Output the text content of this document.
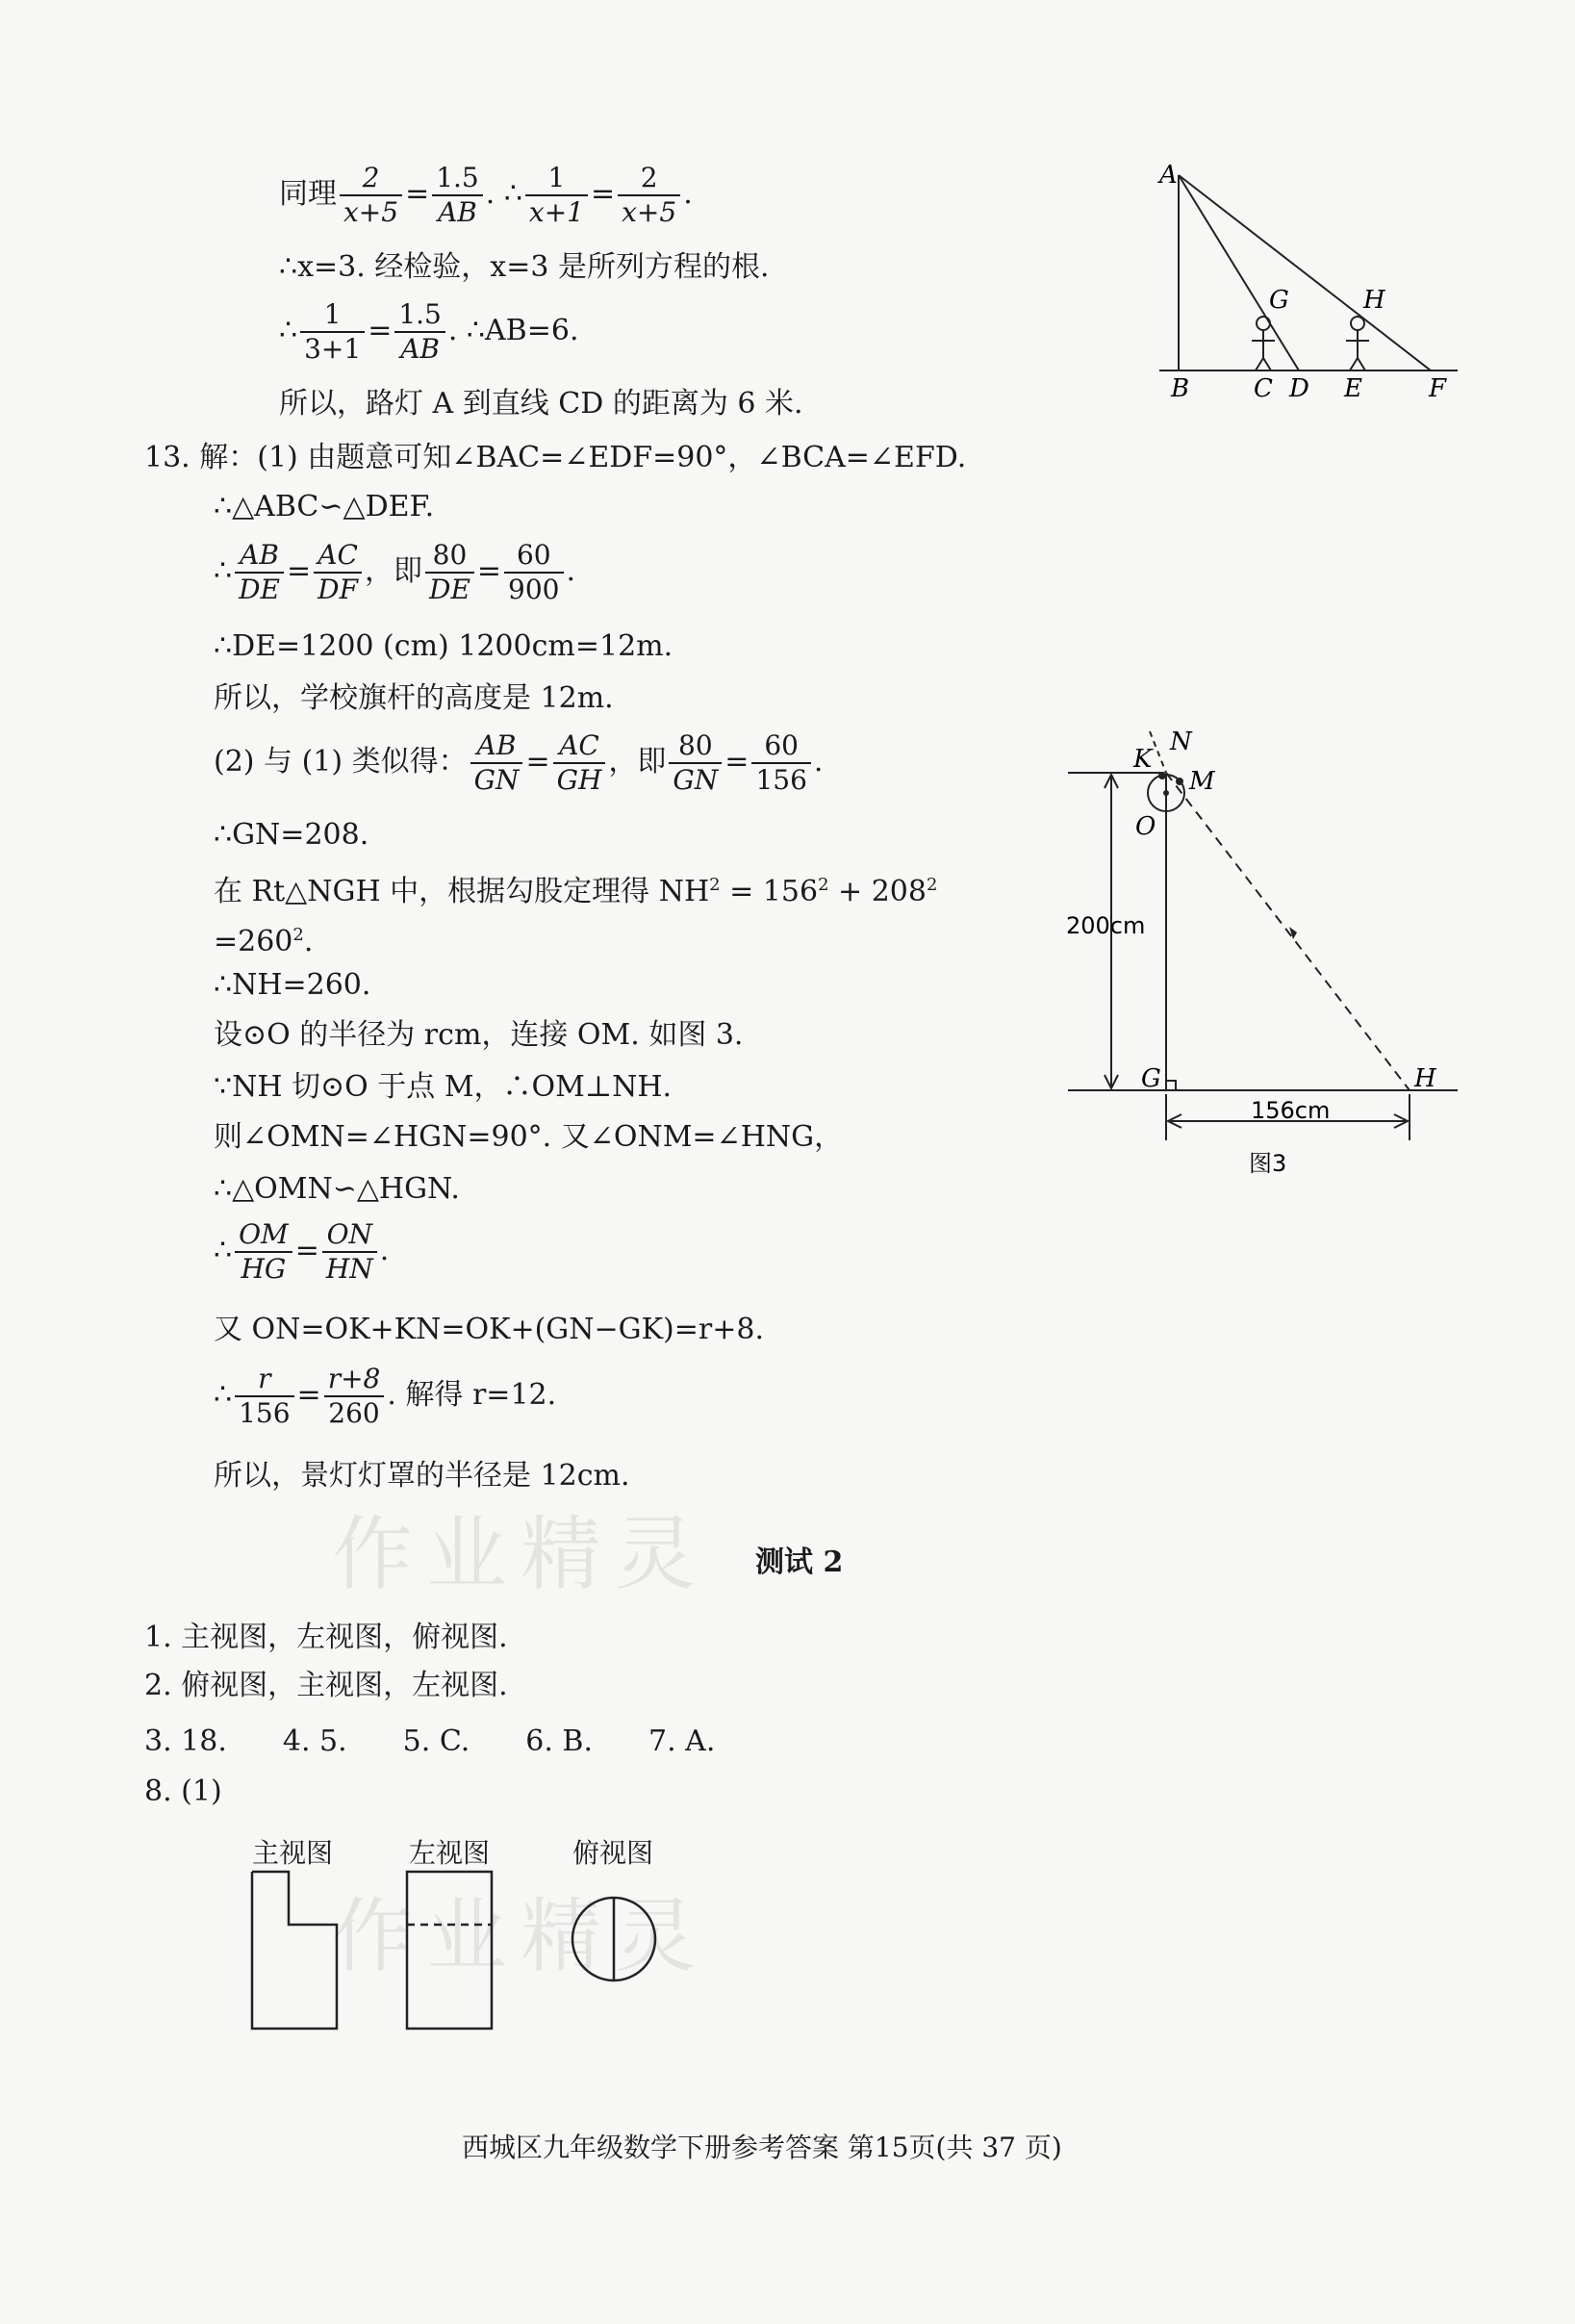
同理 $\frac{2}{x+5} = \frac{1.5}{AB}$ . ∴ $\frac{1}{x+1} = \frac{2}{x+5}$ .
∴x=3. 经检验，x=3 是所列方程的根.
∴ $\frac{1}{3+1} = \frac{1.5}{AB}$ . ∴AB=6.
所以，路灯 A 到直线 CD 的距离为 6 米.
13. 解：(1) 由题意可知∠BAC=∠EDF=90°，∠BCA=∠EFD.
∴△ABC∽△DEF.
∴ $\frac{AB}{DE} = \frac{AC}{DF}$ ，即 $\frac{80}{DE} = \frac{60}{900}$ .
∴DE=1200 (cm) 1200cm=12m.
所以，学校旗杆的高度是 12m.
(2) 与 (1) 类似得： $\frac{AB}{GN} = \frac{AC}{GH}$ ，即 $\frac{80}{GN} = \frac{60}{156}$ .
∴GN=208.
在 Rt△NGH 中，根据勾股定理得 $NH^2 = 156^2 + 208^2$
$=260^2$.
∴NH=260.
设⊙O 的半径为 rcm，连接 OM. 如图 3.
∵NH 切⊙O 于点 M，∴OM⊥NH.
则∠OMN=∠HGN=90°. 又∠ONM=∠HNG，
∴△OMN∽△HGN.
∴ $\frac{OM}{HG} = \frac{ON}{HN}$ .
又 ON=OK+KN=OK+(GN−GK)=r+8.
∴ $\frac{r}{156} = \frac{r+8}{260}$ . 解得 r=12.
所以，景灯灯罩的半径是 12cm.
A
G	H
B	C D E	F
N
K
M
O
G	H
200cm
156cm
图3
作业精灵
作业精灵
测试 2
1. 主视图，左视图，俯视图.
2. 俯视图，主视图，左视图.
3. 18. 4. 5. 5. C. 6. B. 7. A.
8. (1)
主视图	左视图	俯视图
西城区九年级数学下册参考答案 第15页(共 37 页)
